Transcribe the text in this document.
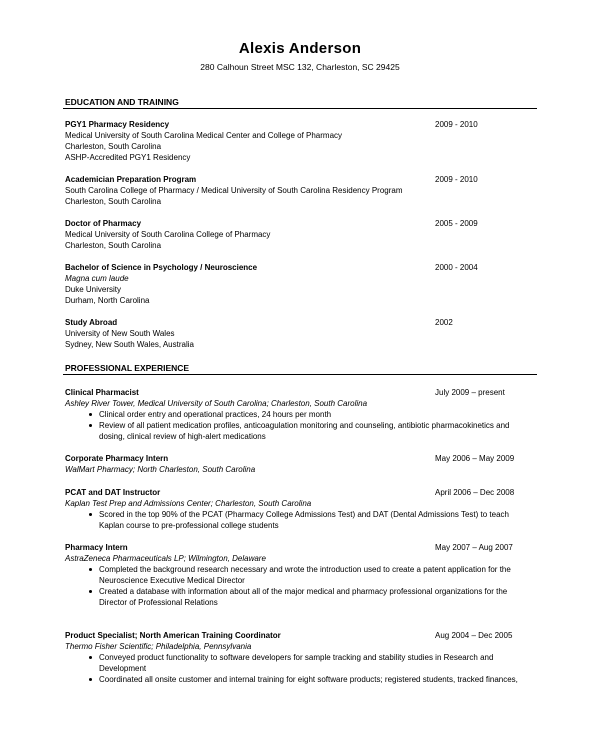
Alexis Anderson
280 Calhoun Street MSC 132, Charleston, SC 29425
EDUCATION AND TRAINING
PGY1 Pharmacy Residency	2009 - 2010
Medical University of South Carolina Medical Center and College of Pharmacy
Charleston, South Carolina
ASHP-Accredited PGY1 Residency
Academician Preparation Program	2009 - 2010
South Carolina College of Pharmacy / Medical University of South Carolina Residency Program
Charleston, South Carolina
Doctor of Pharmacy	2005 - 2009
Medical University of South Carolina College of Pharmacy
Charleston, South Carolina
Bachelor of Science in Psychology / Neuroscience	2000 - 2004
Magna cum laude
Duke University
Durham, North Carolina
Study Abroad	2002
University of New South Wales
Sydney, New South Wales, Australia
PROFESSIONAL EXPERIENCE
Clinical Pharmacist	July 2009 – present
Ashley River Tower, Medical University of South Carolina; Charleston, South Carolina
Clinical order entry and operational practices, 24 hours per month
Review of all patient medication profiles, anticoagulation monitoring and counseling, antibiotic pharmacokinetics and dosing, clinical review of high-alert medications
Corporate Pharmacy Intern	May 2006 – May 2009
WalMart Pharmacy; North Charleston, South Carolina
PCAT and DAT Instructor	April 2006 – Dec 2008
Kaplan Test Prep and Admissions Center; Charleston, South Carolina
Scored in the top 90% of the PCAT (Pharmacy College Admissions Test) and DAT (Dental Admissions Test) to teach Kaplan course to pre-professional college students
Pharmacy Intern	May 2007 – Aug 2007
AstraZeneca Pharmaceuticals LP; Wilmington, Delaware
Completed the background research necessary and wrote the introduction used to create a patent application for the Neuroscience Executive Medical Director
Created a database with information about all of the major medical and pharmacy professional organizations for the Director of Professional Relations
Product Specialist; North American Training Coordinator	Aug 2004 – Dec 2005
Thermo Fisher Scientific; Philadelphia, Pennsylvania
Conveyed product functionality to software developers for sample tracking and stability studies in Research and Development
Coordinated all onsite customer and internal training for eight software products; registered students, tracked finances,
